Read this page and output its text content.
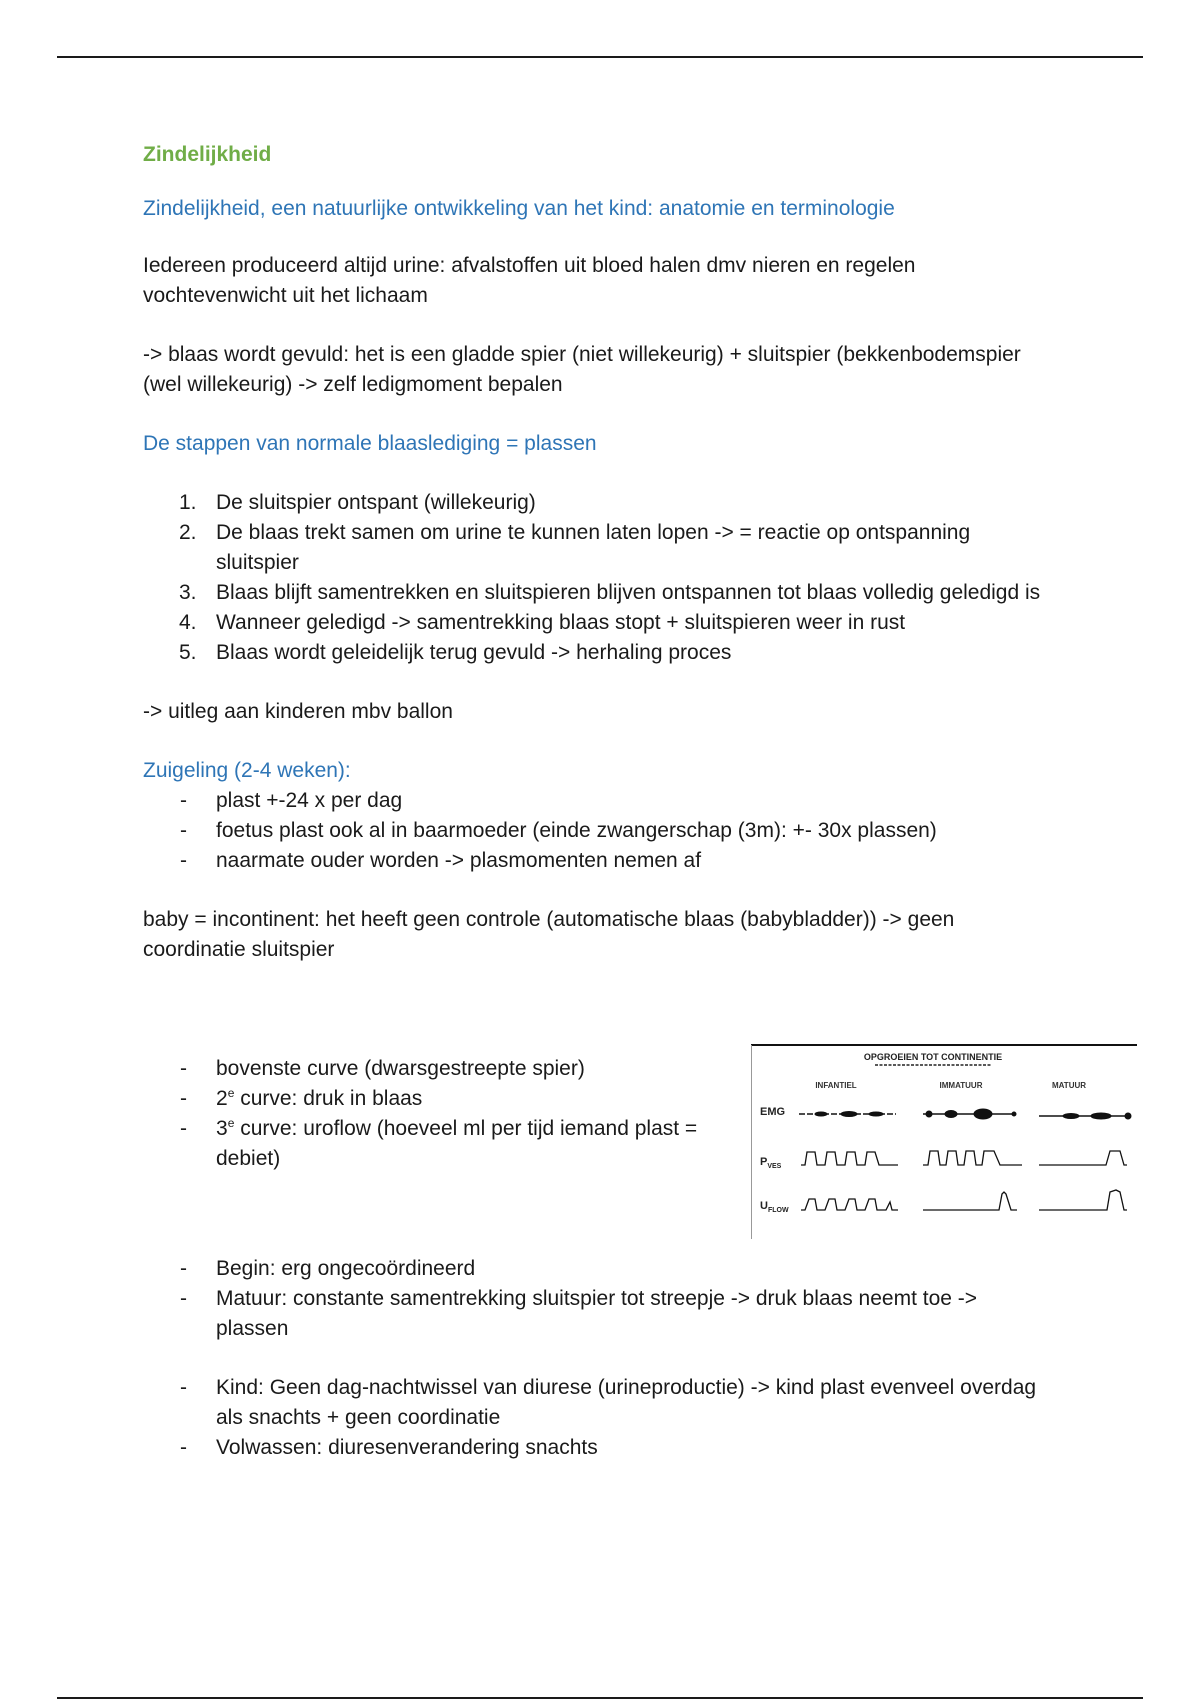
Zindelijkheid
Zindelijkheid, een natuurlijke ontwikkeling van het kind: anatomie en terminologie

Iedereen produceerd altijd urine: afvalstoffen uit bloed halen dmv nieren en regelen vochtevenwicht uit het lichaam

-> blaas wordt gevuld: het is een gladde spier (niet willekeurig) + sluitspier (bekkenbodemspier (wel willekeurig) -> zelf ledigmoment bepalen

De stappen van normale blaaslediging = plassen
1. De sluitspier ontspant (willekeurig)
2. De blaas trekt samen om urine te kunnen laten lopen -> = reactie op ontspanning sluitspier
3. Blaas blijft samentrekken en sluitspieren blijven ontspannen tot blaas volledig geledigd is
4. Wanneer geledigd -> samentrekking blaas stopt + sluitspieren weer in rust
5. Blaas wordt geleidelijk terug gevuld -> herhaling proces

-> uitleg aan kinderen mbv ballon

Zuigeling (2-4 weken):
- plast +-24 x per dag
- foetus plast ook al in baarmoeder (einde zwangerschap (3m): +- 30x plassen)
- naarmate ouder worden -> plasmomenten nemen af

baby = incontinent: het heeft geen controle (automatische blaas (babybladder)) -> geen coordinatie sluitspier

- bovenste curve (dwarsgestreepte spier)
- 2e curve: druk in blaas
- 3e curve: uroflow (hoeveel ml per tijd iemand plast = debiet)
OPGROEIEN TOT CONTINENTIE
INFANTIEL	IMMATUUR	MATUUR
EMG
$P_{VES}$
$U_{FLOW}$
- Begin: erg ongecoördineerd
- Matuur: constante samentrekking sluitspier tot streepje -> druk blaas neemt toe -> plassen
- Kind: Geen dag-nachtwissel van diurese (urineproductie) -> kind plast evenveel overdag als snachts + geen coordinatie
- Volwassen: diuresenverandering snachts
